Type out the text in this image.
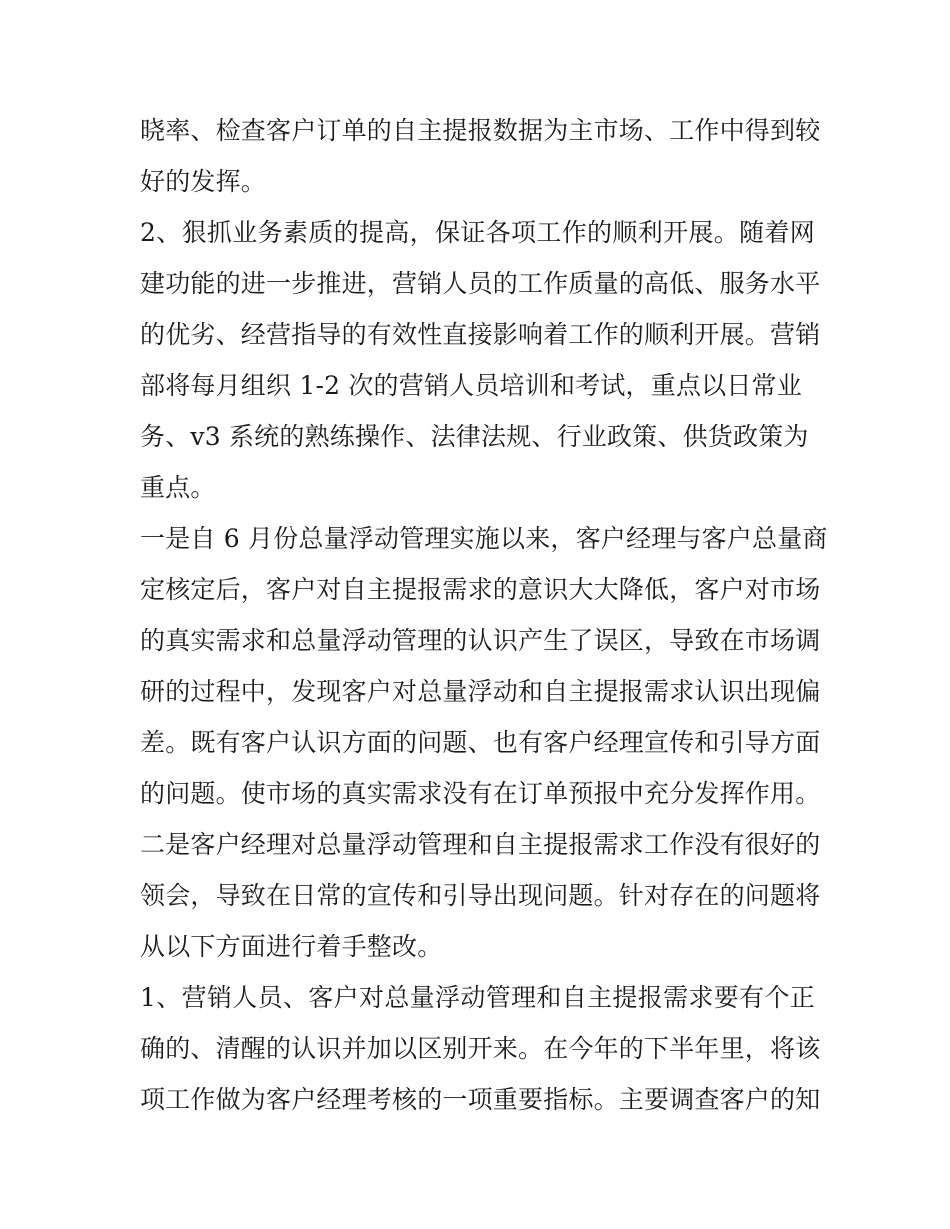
晓率、检查客户订单的自主提报数据为主市场、工作中得到较
好的发挥。
2、狠抓业务素质的提高，保证各项工作的顺利开展。随着网
建功能的进一步推进，营销人员的工作质量的高低、服务水平
的优劣、经营指导的有效性直接影响着工作的顺利开展。营销
部将每月组织 1-2 次的营销人员培训和考试，重点以日常业
务、v3 系统的熟练操作、法律法规、行业政策、供货政策为
重点。
一是自 6 月份总量浮动管理实施以来，客户经理与客户总量商
定核定后，客户对自主提报需求的意识大大降低，客户对市场
的真实需求和总量浮动管理的认识产生了误区，导致在市场调
研的过程中，发现客户对总量浮动和自主提报需求认识出现偏
差。既有客户认识方面的问题、也有客户经理宣传和引导方面
的问题。使市场的真实需求没有在订单预报中充分发挥作用。
二是客户经理对总量浮动管理和自主提报需求工作没有很好的
领会，导致在日常的宣传和引导出现问题。针对存在的问题将
从以下方面进行着手整改。
1、营销人员、客户对总量浮动管理和自主提报需求要有个正
确的、清醒的认识并加以区别开来。在今年的下半年里，将该
项工作做为客户经理考核的一项重要指标。主要调查客户的知
